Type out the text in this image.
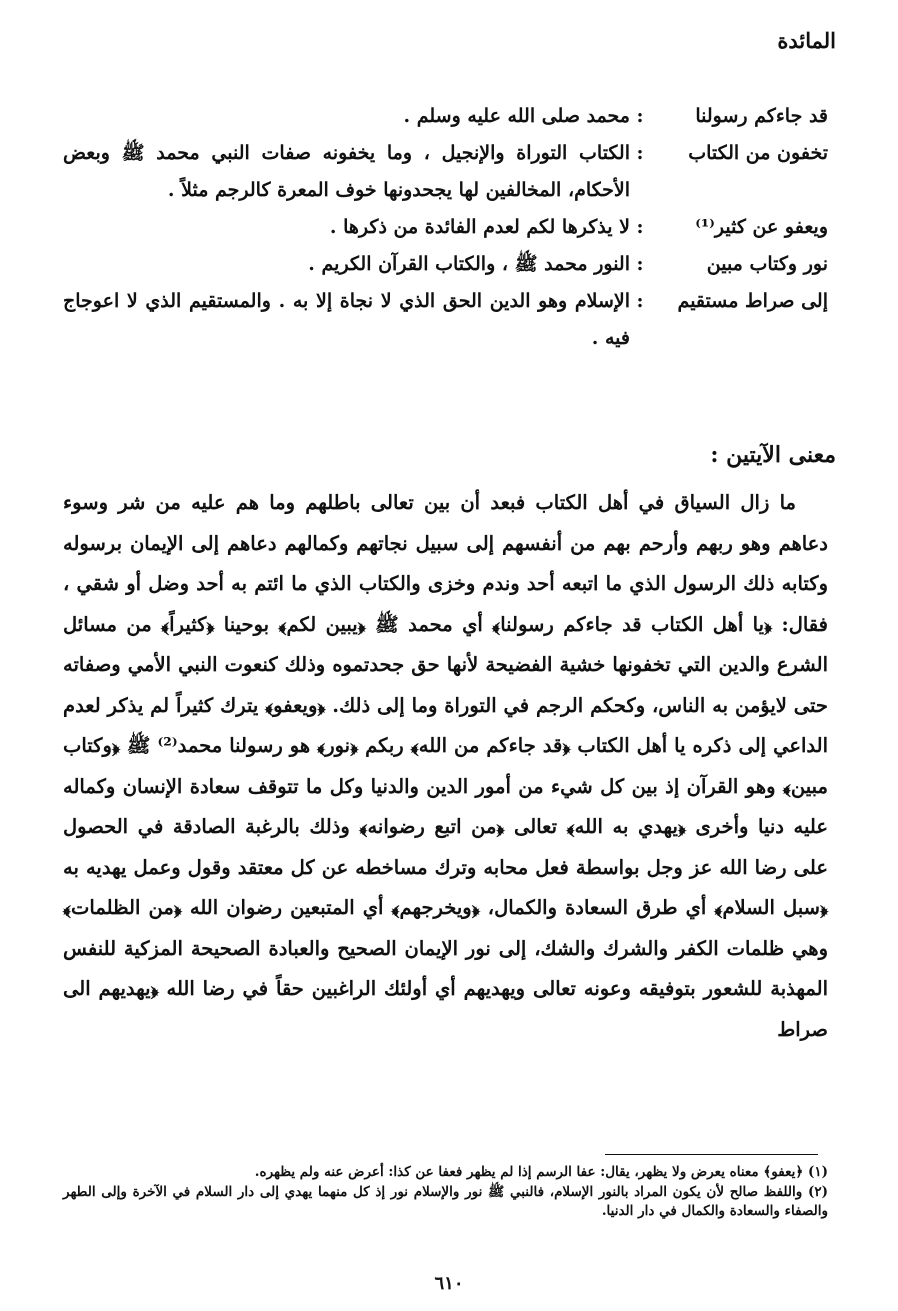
المائدة
قد جاءكم رسولنا
:
محمد صلى الله عليه وسلم .
تخفون من الكتاب
:
الكتاب التوراة والإنجيل ، وما يخفونه صفات النبي محمد ﷺ وبعض الأحكام، المخالفين لها يجحدونها خوف المعرة كالرجم مثلاً .
ويعفو عن كثير⁽¹⁾
:
لا يذكرها لكم لعدم الفائدة من ذكرها .
نور وكتاب مبين
:
النور محمد ﷺ ، والكتاب القرآن الكريم .
إلى صراط مستقيم
:
الإسلام وهو الدين الحق الذي لا نجاة إلا به . والمستقيم الذي لا اعوجاج فيه .
معنى الآيتين :

ما زال السياق في أهل الكتاب فبعد أن بين تعالى باطلهم وما هم عليه من شر وسوء دعاهم وهو ربهم وأرحم بهم من أنفسهم إلى سبيل نجاتهم وكمالهم دعاهم إلى الإيمان برسوله وكتابه ذلك الرسول الذي ما اتبعه أحد وندم وخزى والكتاب الذي ما ائتم به أحد وضل أو شقي ، فقال: ﴿يا أهل الكتاب قد جاءكم رسولنا﴾ أي محمد ﷺ ﴿يبين لكم﴾ بوحينا ﴿كثيراً﴾ من مسائل الشرع والدين التي تخفونها خشية الفضيحة لأنها حق جحدتموه وذلك كنعوت النبي الأمي وصفاته حتى لايؤمن به الناس، وكحكم الرجم في التوراة وما إلى ذلك. ﴿ويعفو﴾ يترك كثيراً لم يذكر لعدم الداعي إلى ذكره يا أهل الكتاب ﴿قد جاءكم من الله﴾ ربكم ﴿نور﴾ هو رسولنا محمد⁽²⁾ ﷺ ﴿وكتاب مبين﴾ وهو القرآن إذ بين كل شيء من أمور الدين والدنيا وكل ما تتوقف سعادة الإنسان وكماله عليه دنيا وأخرى ﴿يهدي به الله﴾ تعالى ﴿من اتبع رضوانه﴾ وذلك بالرغبة الصادقة في الحصول على رضا الله عز وجل بواسطة فعل محابه وترك مساخطه عن كل معتقد وقول وعمل يهديه به ﴿سبل السلام﴾ أي طرق السعادة والكمال، ﴿ويخرجهم﴾ أي المتبعين رضوان الله ﴿من الظلمات﴾ وهي ظلمات الكفر والشرك والشك، إلى نور الإيمان الصحيح والعبادة الصحيحة المزكية للنفس المهذبة للشعور بتوفيقه وعونه تعالى ويهديهم أي أولئك الراغبين حقاً في رضا الله ﴿يهديهم الى صراط

(١) ﴿يعفو﴾ معناه يعرض ولا يظهر، يقال: عفا الرسم إذا لم يظهر فعفا عن كذا: أعرض عنه ولم يظهره.

(٢) واللفظ صالح لأن يكون المراد بالنور الإسلام، فالنبي ﷺ نور والإسلام نور إذ كل منهما يهدي إلى دار السلام في الآخرة وإلى الطهر والصفاء والسعادة والكمال في دار الدنيا.

٦١٠
